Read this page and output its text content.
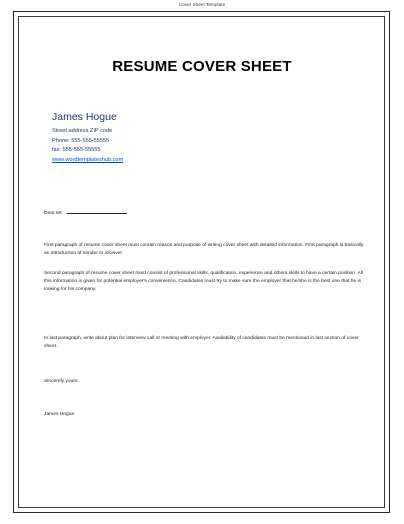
Cover Sheet Template
RESUME COVER SHEET
James Hogue
Street address ZIP code
Phone: 555-555-55555
fax: 555-555-55555
www.wordtemplateshub.com
Dear Mr.
First paragraph of resume cover sheet must contain reason and purpose of writing cover sheet with detailed information. First paragraph is basically an introduction of sender to receiver.
Second paragraph of resume cover sheet must consist of professional skills, qualification, experience and others skills to have a certain position. All this information is given for potential employer's convenience. Candidates must try to make sure the employer that he/she is the best one that he is looking for his company.
In last paragraph, write about plan for interview call or meeting with employer. Availability of candidates must be mentioned in last section of cover sheet.
Sincerely yours
James Hogue
